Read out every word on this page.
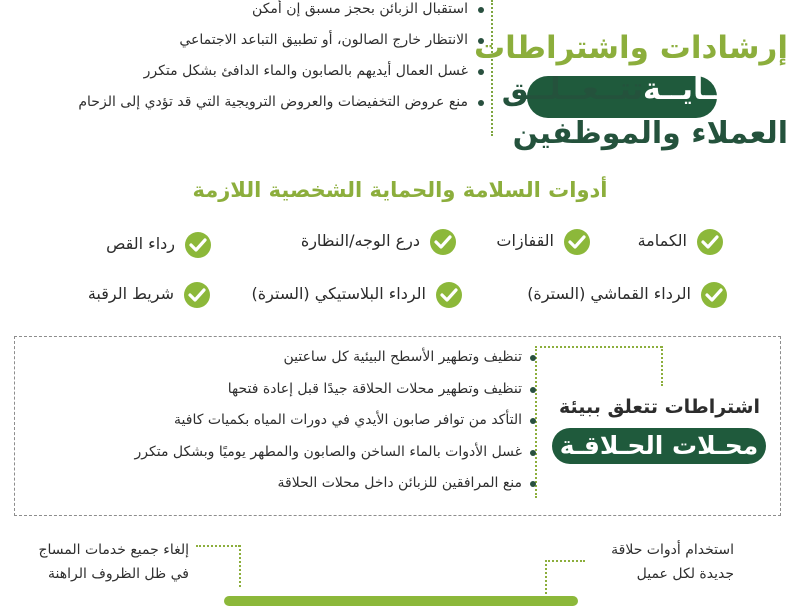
استقبال الزبائن بحجز مسبق إن أمكن
الانتظار خارج الصالون، أو تطبيق التباعد الاجتماعي
غسل العمال أيديهم بالصابون والماء الدافئ بشكل متكرر
منع عروض التخفيضات والعروض الترويجية التي قد تؤدي إلى الزحام
إرشادات واشتراطات
بحـمــايــةتتــعــلــق
العملاء والموظفين
أدوات السلامة والحماية الشخصية اللازمة
الكمامة
القفازات
درع الوجه/النظارة
رداء القص
الرداء القماشي (السترة)
الرداء البلاستيكي (السترة)
شريط الرقبة
تنظيف وتطهير الأسطح البيئية كل ساعتين
تنظيف وتطهير محلات الحلاقة جيدًا قبل إعادة فتحها
التأكد من توافر صابون الأيدي في دورات المياه بكميات كافية
غسل الأدوات بالماء الساخن والصابون والمطهر يوميًا وبشكل متكرر
منع المرافقين للزبائن داخل محلات الحلاقة
اشتراطات تتعلق ببيئة
محـلات الحـلاقـة
استخدام أدوات حلاقة
جديدة لكل عميل
إلغاء جميع خدمات المساج
في ظل الظروف الراهنة
